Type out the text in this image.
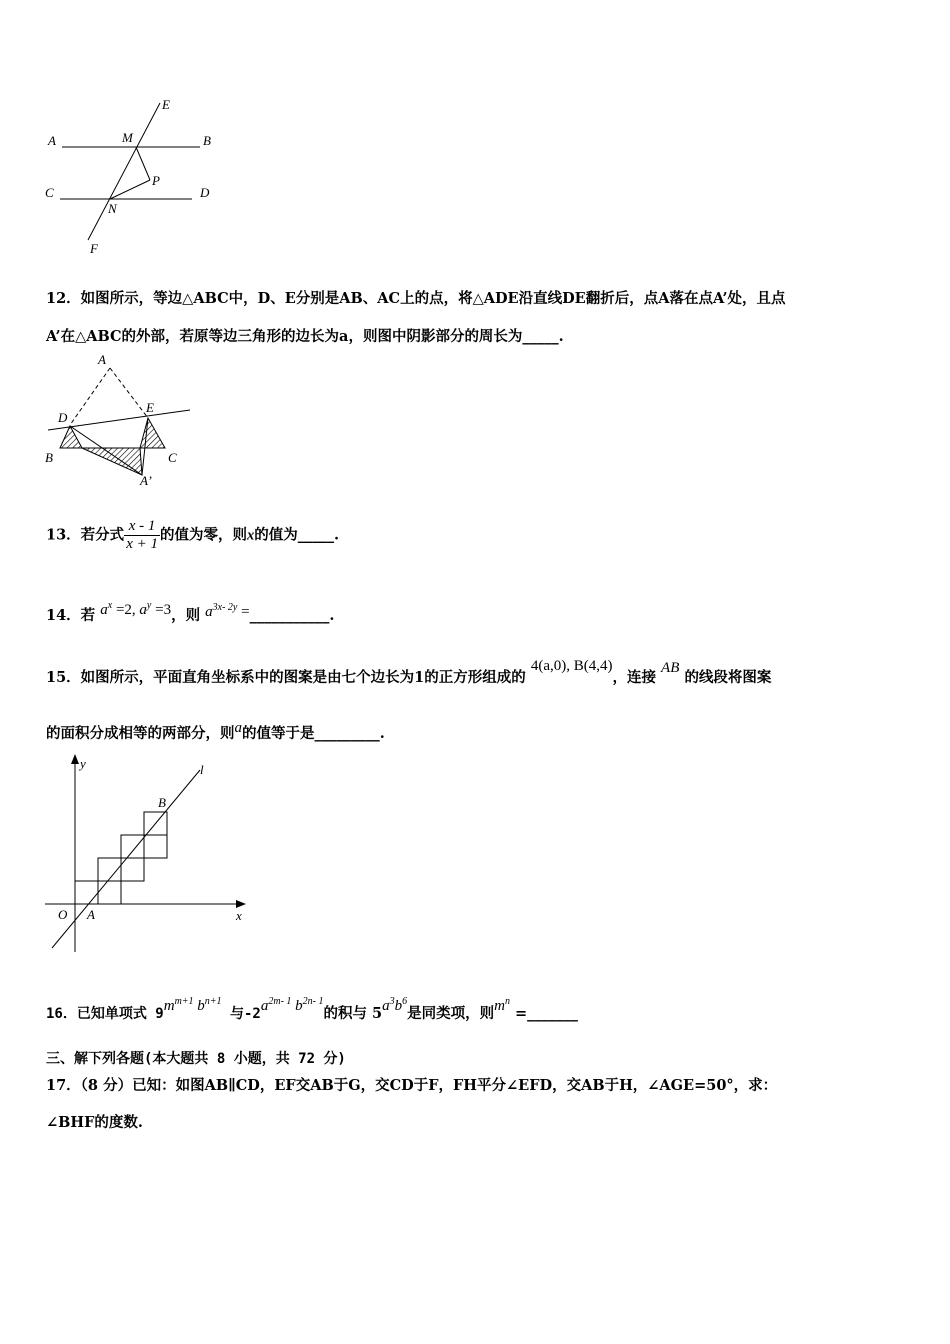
A	B
C	D
E
F
M
N
P
12．如图所示，等边△ABC中，D、E分别是AB、AC上的点，将△ADE沿直线DE翻折后，点A落在点A’处，且点
A’在△ABC的外部，若原等边三角形的边长为a，则图中阴影部分的周长为_____.
A
D
E
B	C
A’
13．若分式 $\frac{x - 1}{x + 1}$ 的值为零，则x的值为_____.
14．若 $a^x =2$, $a^y =3$，则 $a^{3x- 2y}$ =___________.
15．如图所示，平面直角坐标系中的图案是由七个边长为1的正方形组成的 4(a,0), B(4,4)，连接 AB 的线段将图案
的面积分成相等的两部分，则a的值等于是_________.
y
x
O A
B
l
16．已知单项式 $9m^{m+1}$ $b^{n+1}$ 与$-2a^{2m- 1}$ $b^{2n- 1}$的积与 $5a^3b^6$是同类项，则$m^n$ =_______
三、解下列各题(本大题共 8 小题，共 72 分)
17．（8 分）已知：如图AB∥CD，EF交AB于G，交CD于F，FH平分∠EFD，交AB于H，∠AGE=50°，求：
∠BHF的度数.
